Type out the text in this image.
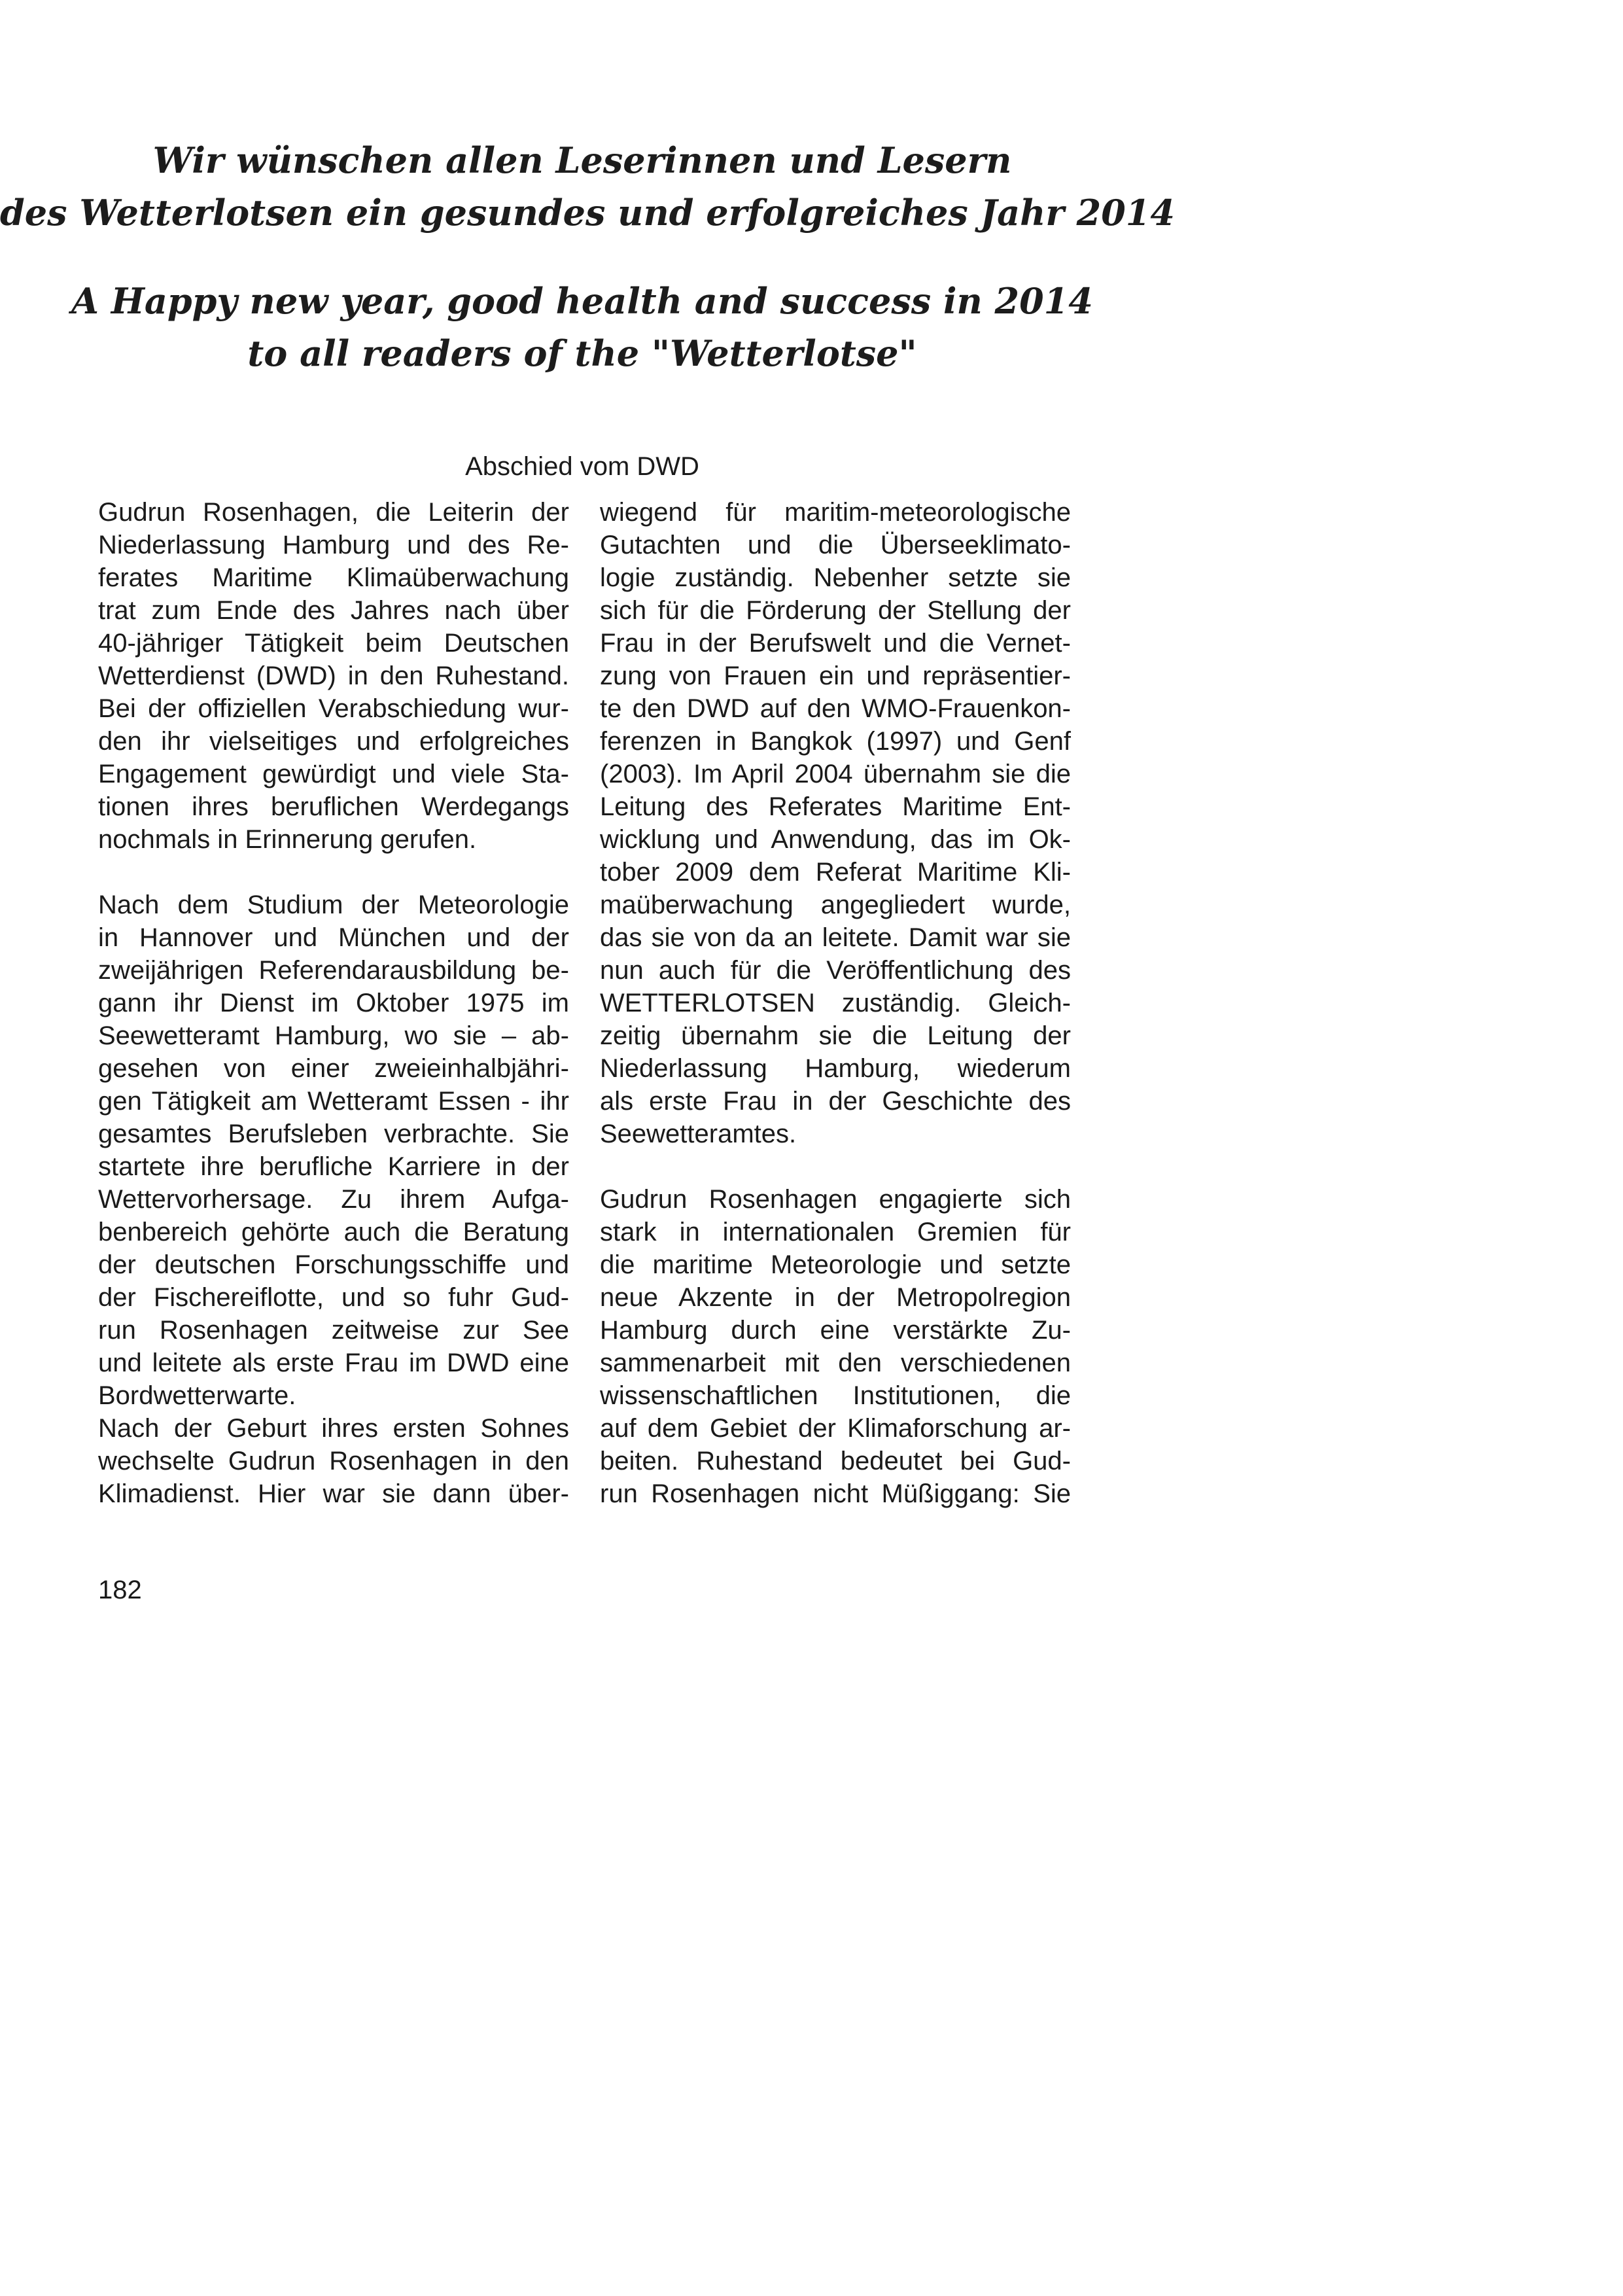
Wir wünschen allen Leserinnen und Lesern
des Wetterlotsen ein gesundes und erfolgreiches Jahr 2014
A Happy new year, good health and success in 2014
to all readers of the "Wetterlotse"
Abschied vom DWD
Gudrun Rosenhagen, die Leiterin der
Niederlassung Hamburg und des Re-
ferates Maritime Klimaüberwachung
trat zum Ende des Jahres nach über
40-jähriger Tätigkeit beim Deutschen
Wetterdienst (DWD) in den Ruhestand.
Bei der offiziellen Verabschiedung wur-
den ihr vielseitiges und erfolgreiches
Engagement gewürdigt und viele Sta-
tionen ihres beruflichen Werdegangs
nochmals in Erinnerung gerufen.
Nach dem Studium der Meteorologie
in Hannover und München und der
zweijährigen Referendarausbildung be-
gann ihr Dienst im Oktober 1975 im
Seewetteramt Hamburg, wo sie – ab-
gesehen von einer zweieinhalbjähri-
gen Tätigkeit am Wetteramt Essen - ihr
gesamtes Berufsleben verbrachte. Sie
startete ihre berufliche Karriere in der
Wettervorhersage. Zu ihrem Aufga-
benbereich gehörte auch die Beratung
der deutschen Forschungsschiffe und
der Fischereiflotte, und so fuhr Gud-
run Rosenhagen zeitweise zur See
und leitete als erste Frau im DWD eine
Bordwetterwarte.
Nach der Geburt ihres ersten Sohnes
wechselte Gudrun Rosenhagen in den
Klimadienst. Hier war sie dann über-
wiegend für maritim-meteorologische
Gutachten und die Überseeklimato-
logie zuständig. Nebenher setzte sie
sich für die Förderung der Stellung der
Frau in der Berufswelt und die Vernet-
zung von Frauen ein und repräsentier-
te den DWD auf den WMO-Frauenkon-
ferenzen in Bangkok (1997) und Genf
(2003). Im April 2004 übernahm sie die
Leitung des Referates Maritime Ent-
wicklung und Anwendung, das im Ok-
tober 2009 dem Referat Maritime Kli-
maüberwachung angegliedert wurde,
das sie von da an leitete. Damit war sie
nun auch für die Veröffentlichung des
WETTERLOTSEN zuständig. Gleich-
zeitig übernahm sie die Leitung der
Niederlassung Hamburg, wiederum
als erste Frau in der Geschichte des
Seewetteramtes.
Gudrun Rosenhagen engagierte sich
stark in internationalen Gremien für
die maritime Meteorologie und setzte
neue Akzente in der Metropolregion
Hamburg durch eine verstärkte Zu-
sammenarbeit mit den verschiedenen
wissenschaftlichen Institutionen, die
auf dem Gebiet der Klimaforschung ar-
beiten. Ruhestand bedeutet bei Gud-
run Rosenhagen nicht Müßiggang: Sie
182
